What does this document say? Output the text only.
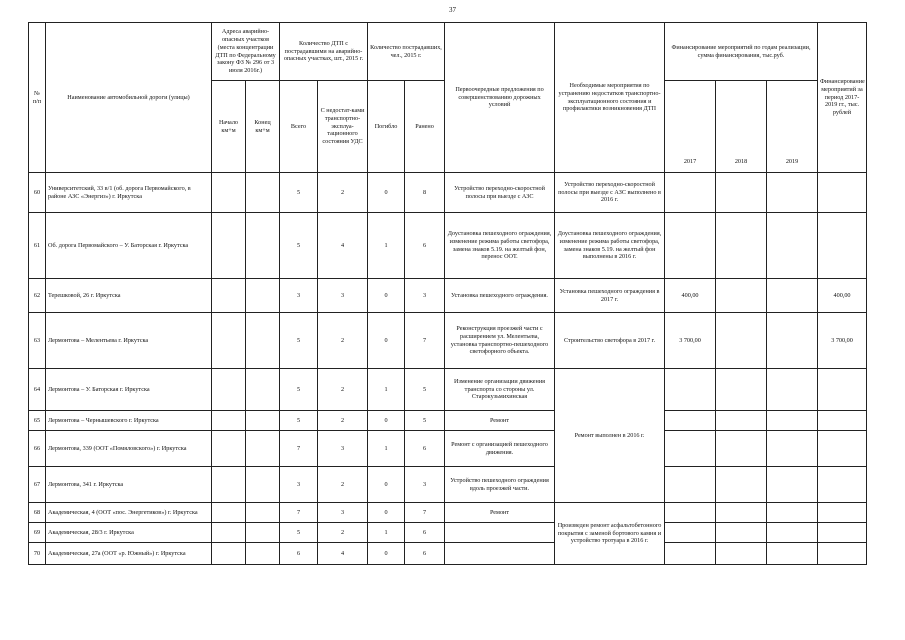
37
№ п/п	Наименование автомобильной дороги (улицы)	Адреса аварийно-опасных участков (места концентрации ДТП по Федеральному закону ФЗ № 296 от 3 июля 2016г.)		Количество ДТП с пострадавшими на аварийно-опасных участках, шт., 2015 г.		Количество пострадавших, чел., 2015 г.		Первоочередные предложения по совершенствованию дорожных условий	Необходимые мероприятия по устранению недостатков транспортно-эксплуатационного состояния и профилактики возникновения ДТП	Финансирование мероприятий по годам реализации, сумма финансирования, тыс.руб.			Финансирование мероприятий за период 2017-2019 гг., тыс. рублей
		Начало км+м	Конец км+м	Всего	С недостат-ками транспортно-эксплуа-тационного состояния УДС	Погибло	Ранено			2017	2018	2019	
60	Университетский, 33 в/1 (об. дорога Первомайского, в районе АЗС «Энергиз») г. Иркутска			5	2	0	8	Устройство переходно-скоростной полосы при выезде с АЗС	Устройство переходно-скоростной полосы при выезде с АЗС выполнено в 2016 г.				
61	Об. дорога Первомайского – У. Баторская г. Иркутска			5	4	1	6	Доустановка пешеходного ограждения, изменение режима работы светофора, замена знаков 5.19. на желтый фон, перенос ООТ.	Доустановка пешеходного ограждения, изменение режима работы светофора, замена знаков 5.19. на желтый фон выполнены в 2016 г.				
62	Терешковой, 26 г. Иркутска			3	3	0	3	Установка пешеходного ограждения.	Установка пешеходного ограждения в 2017 г.	400,00			400,00
63	Лермонтова – Мелентьева г. Иркутска			5	2	0	7	Реконструкция проезжей части с расширением ул. Мелентьева, установка транспортно-пешеходного светофорного объекта.	Строительство светофора в 2017 г.	3 700,00			3 700,00
64	Лермонтова – У. Баторская г. Иркутска			5	2	1	5	Изменение организации движения транспорта со стороны ул. Старокузьмихинская	Ремонт выполнен в 2016 г.				
65	Лермонтова – Чернышевского г. Иркутска			5	2	0	5	Ремонт					
66	Лермонтова, 339 (ООТ «Помяловского») г. Иркутска			7	3	1	6	Ремонт с организацией пешеходного движения.					
67	Лермонтова, 341 г. Иркутска			3	2	0	3	Устройство пешеходного ограждения вдоль проезжей части.					
68	Академическая, 4 (ООТ «пос. Энергетиков») г. Иркутска			7	3	0	7	Ремонт	Произведен ремонт асфальтобетонного покрытия с заменой бортового камня и устройство тротуара в 2016 г.				
69	Академическая, 28/3 г. Иркутска			5	2	1	6						
70	Академическая, 27а (ООТ «р. Южный») г. Иркутска			6	4	0	6						
